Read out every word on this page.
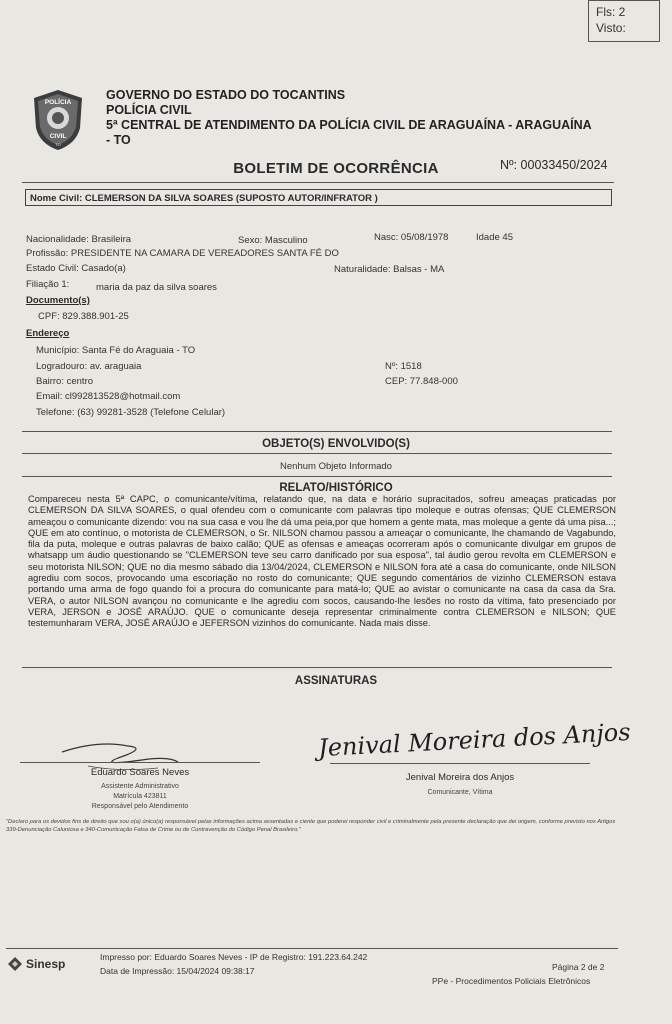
Fls: 2
Visto:
POLÍCIA
CIVIL
TO
GOVERNO DO ESTADO DO TOCANTINS
POLÍCIA CIVIL
5ª CENTRAL DE ATENDIMENTO DA POLÍCIA CIVIL DE ARAGUAÍNA - ARAGUAÍNA
- TO
BOLETIM DE OCORRÊNCIA	Nº: 00033450/2024
Nome Civil: CLEMERSON DA SILVA SOARES (SUPOSTO AUTOR/INFRATOR )
Nacionalidade: Brasileira	Sexo: Masculino	Nasc: 05/08/1978	Idade 45
Profissão: PRESIDENTE NA CAMARA DE VEREADORES SANTA FÉ DO
Estado Civil: Casado(a)	Naturalidade: Balsas - MA
Filiação 1:	maria da paz da silva soares
Documento(s)
CPF: 829.388.901-25
Endereço
Município: Santa Fé do Araguaia - TO
Logradouro: av. araguaia	Nº: 1518
Bairro: centro	CEP: 77.848-000
Email: cl992813528@hotmail.com
Telefone: (63) 99281-3528 (Telefone Celular)
OBJETO(S) ENVOLVIDO(S)
Nenhum Objeto Informado
RELATO/HISTÓRICO
Compareceu nesta 5ª CAPC, o comunicante/vítima, relatando que, na data e horário supracitados, sofreu ameaças praticadas por CLEMERSON DA SILVA SOARES, o qual ofendeu com o comunicante com palavras tipo moleque e outras ofensas; QUE CLEMERSON ameaçou o comunicante dizendo: vou na sua casa e vou lhe dá uma peia,por que homem a gente mata, mas moleque a gente dá uma pisa...; QUE em ato contínuo, o motorista de CLEMERSON, o Sr. NILSON chamou passou a ameaçar o comunicante, lhe chamando de Vagabundo, fila da puta, moleque e outras palavras de baixo calão; QUE as ofensas e ameaças ocorreram após o comunicante divulgar em grupos de whatsapp um áudio questionando se "CLEMERSON teve seu carro danificado por sua esposa", tal áudio gerou revolta em CLEMERSON e seu motorista NILSON; QUE no dia mesmo sábado dia 13/04/2024, CLEMERSON e NILSON fora até a casa do comunicante, onde NILSON agrediu com socos, provocando uma escoriação no rosto do comunicante; QUE segundo comentários de vizinho CLEMERSON estava portando uma arma de fogo quando foi a procura do comunicante para matá-lo; QUE ao avistar o comunicante na casa da casa da Sra. VERA, o autor NILSON avançou no comunicante e lhe agrediu com socos, causando-lhe lesões no rosto da vítima, fato presenciado por VERA, JERSON e JOSÉ ARAÚJO. QUE o comunicante deseja representar criminalmente contra CLEMERSON e NILSON; QUE testemunharam VERA, JOSÉ ARAÚJO e JEFERSON vizinhos do comunicante. Nada mais disse.
ASSINATURAS
Eduardo Soares Neves
Assistente Administrativo
Matrícula 423811
Responsável pelo Atendimento
Jenival Moreira dos Anjos
Jenival Moreira dos Anjos
Comunicante, Vítima
"Declaro para os devidos fins de direito que sou o(a) único(a) responsável pelas informações acima assentadas e ciente que poderei responder civil e criminalmente pela presente declaração que dei origem, conforme previsto nos Artigos 339-Denunciação Caluniosa e 340-Comunicação Falsa de Crime ou de Contravenção do Código Penal Brasileiro."
Sinesp	Impresso por: Eduardo Soares Neves - IP de Registro: 191.223.64.242
Data de Impressão: 15/04/2024 09:38:17	Página 2 de 2
PPe - Procedimentos Policiais Eletrônicos
